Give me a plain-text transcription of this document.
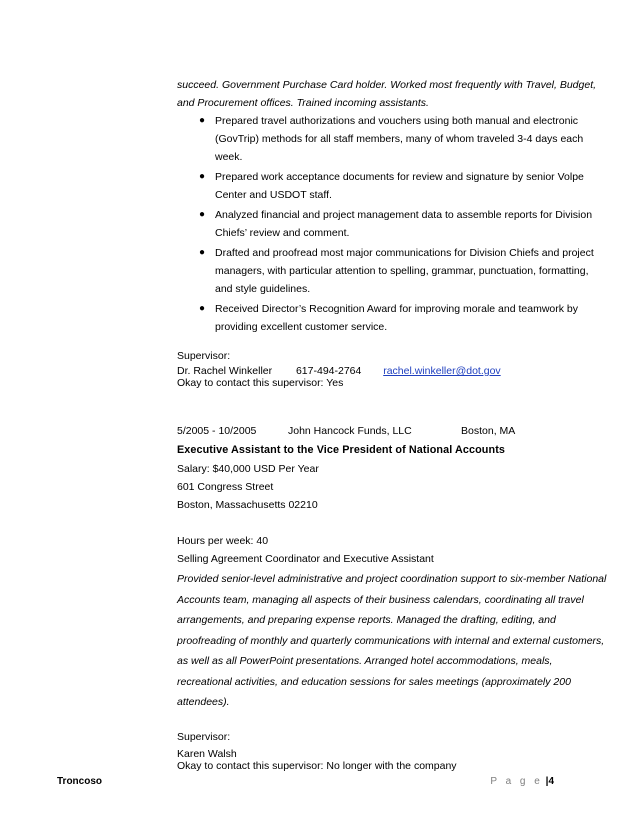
succeed. Government Purchase Card holder. Worked most frequently with Travel, Budget,

and Procurement offices. Trained incoming assistants.

● Prepared travel authorizations and vouchers using both manual and electronic (GovTrip) methods for all staff members, many of whom traveled 3-4 days each week.
● Prepared work acceptance documents for review and signature by senior Volpe Center and USDOT staff.
● Analyzed financial and project management data to assemble reports for Division Chiefs’ review and comment.
● Drafted and proofread most major communications for Division Chiefs and project managers, with particular attention to spelling, grammar, punctuation, formatting, and style guidelines.
● Received Director’s Recognition Award for improving morale and teamwork by providing excellent customer service.

Supervisor:

Dr. Rachel Winkeller 617-494-2764 rachel.winkeller@dot.gov

Okay to contact this supervisor: Yes

5/2005 - 10/2005	John Hancock Funds, LLC	Boston, MA

Executive Assistant to the Vice President of National Accounts

Salary: $40,000 USD Per Year

601 Congress Street

Boston, Massachusetts 02210

Hours per week: 40

Selling Agreement Coordinator and Executive Assistant

Provided senior-level administrative and project coordination support to six-member National Accounts team, managing all aspects of their business calendars, coordinating all travel arrangements, and preparing expense reports. Managed the drafting, editing, and proofreading of monthly and quarterly communications with internal and external customers, as well as all PowerPoint presentations. Arranged hotel accommodations, meals, recreational activities, and education sessions for sales meetings (approximately 200 attendees).

Supervisor:

Karen Walsh

Okay to contact this supervisor: No longer with the company

Troncoso	P a g e |4
